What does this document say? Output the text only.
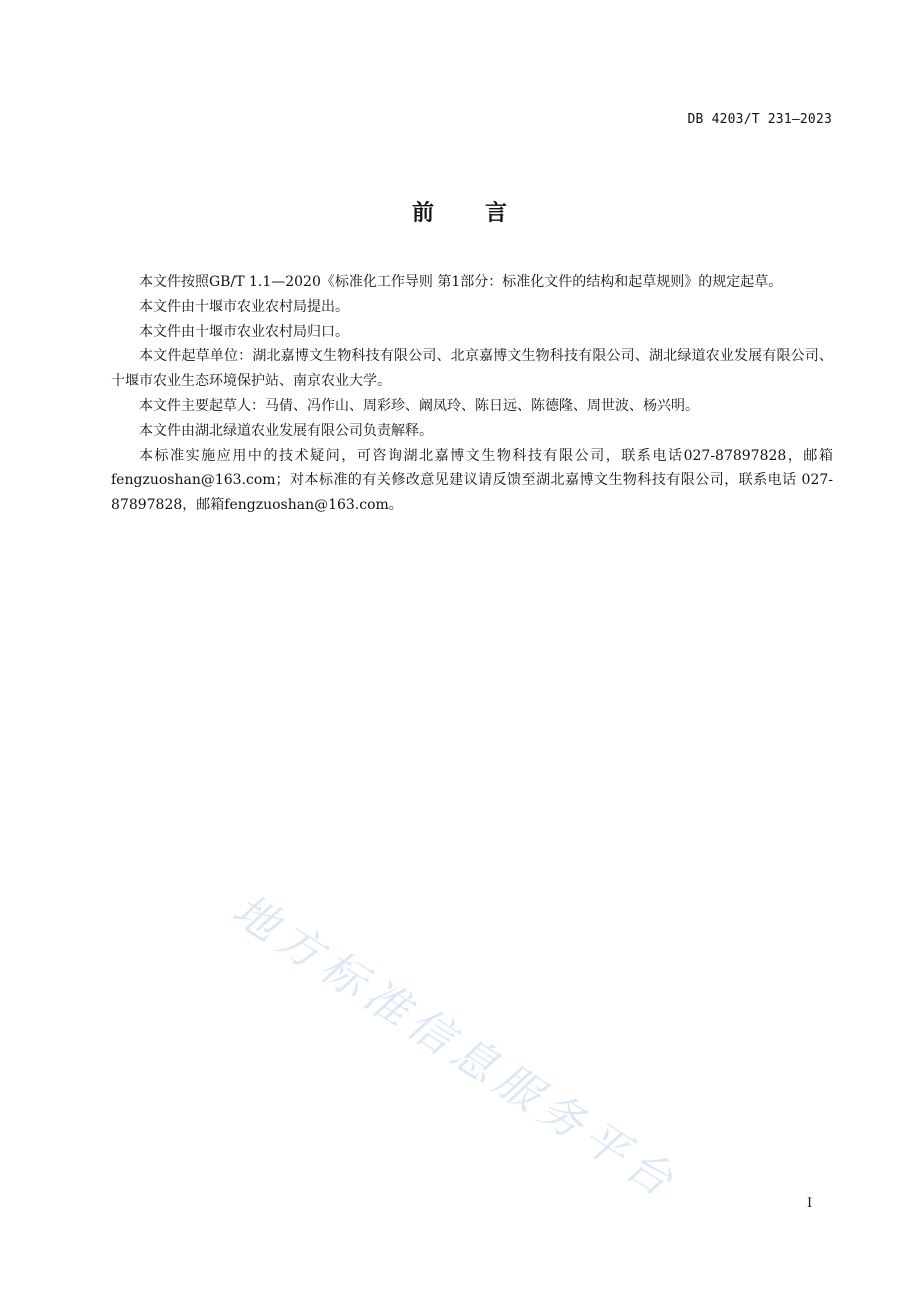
DB 4203/T 231—2023
前 言

本文件按照GB/T 1.1—2020《标准化工作导则 第1部分：标准化文件的结构和起草规则》的规定起草。

本文件由十堰市农业农村局提出。

本文件由十堰市农业农村局归口。

本文件起草单位：湖北嘉博文生物科技有限公司、北京嘉博文生物科技有限公司、湖北绿道农业发展有限公司、十堰市农业生态环境保护站、南京农业大学。

本文件主要起草人：马倩、冯作山、周彩珍、阚凤玲、陈日远、陈德隆、周世波、杨兴明。

本文件由湖北绿道农业发展有限公司负责解释。

本标准实施应用中的技术疑问，可咨询湖北嘉博文生物科技有限公司，联系电话027-87897828，邮箱 fengzuoshan@163.com；对本标准的有关修改意见建议请反馈至湖北嘉博文生物科技有限公司，联系电话 027-87897828，邮箱fengzuoshan@163.com。

地方标准信息服务平台	I
